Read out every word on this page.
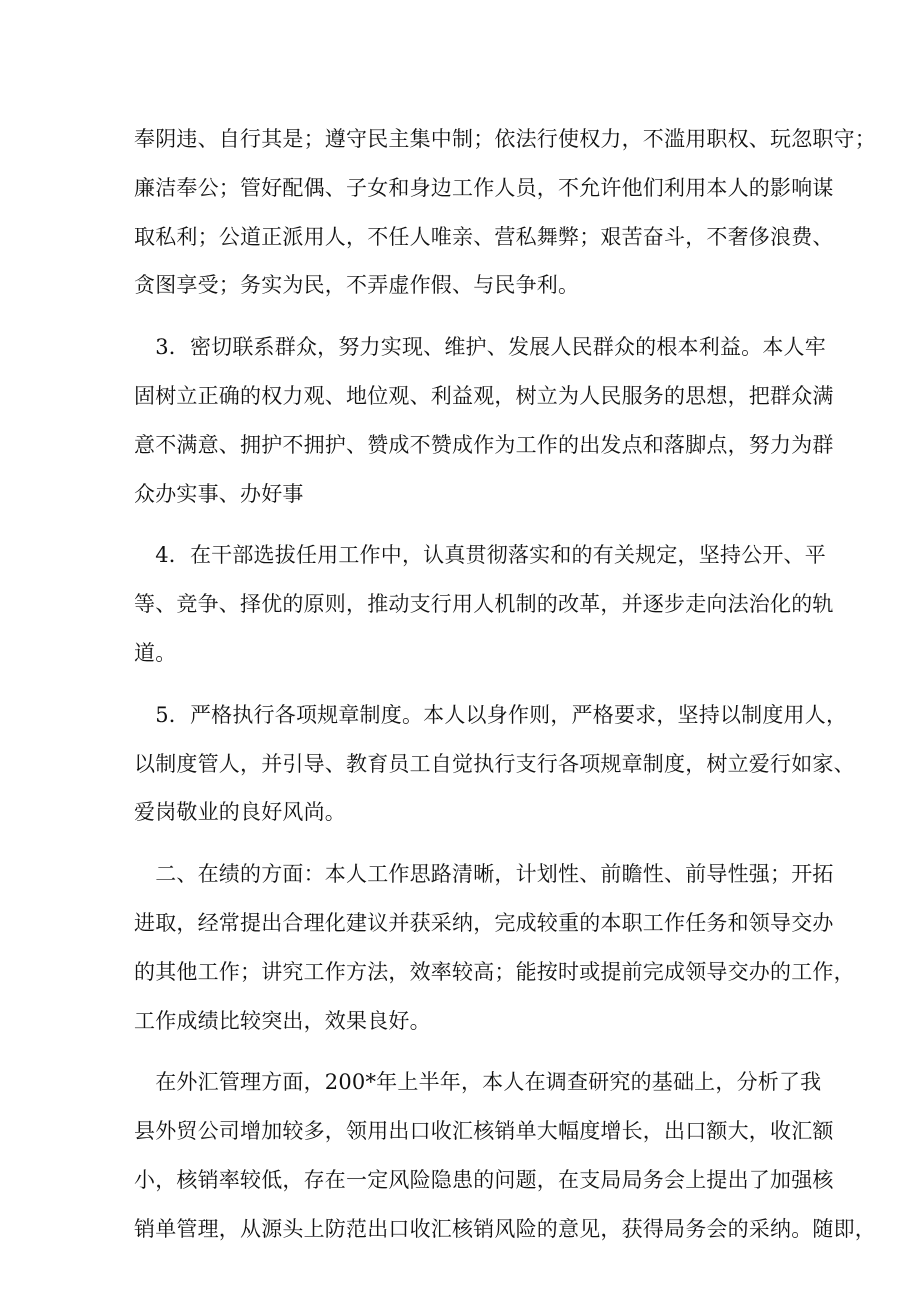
奉阴违、自行其是；遵守民主集中制；依法行使权力，不滥用职权、玩忽职守；
廉洁奉公；管好配偶、子女和身边工作人员，不允许他们利用本人的影响谋
取私利；公道正派用人，不任人唯亲、营私舞弊；艰苦奋斗，不奢侈浪费、
贪图享受；务实为民，不弄虚作假、与民争利。
　3．密切联系群众，努力实现、维护、发展人民群众的根本利益。本人牢
固树立正确的权力观、地位观、利益观，树立为人民服务的思想，把群众满
意不满意、拥护不拥护、赞成不赞成作为工作的出发点和落脚点，努力为群
众办实事、办好事
　4．在干部选拔任用工作中，认真贯彻落实和的有关规定，坚持公开、平
等、竞争、择优的原则，推动支行用人机制的改革，并逐步走向法治化的轨
道。
　5．严格执行各项规章制度。本人以身作则，严格要求，坚持以制度用人，
以制度管人，并引导、教育员工自觉执行支行各项规章制度，树立爱行如家、
爱岗敬业的良好风尚。
　二、在绩的方面：本人工作思路清晰，计划性、前瞻性、前导性强；开拓
进取，经常提出合理化建议并获采纳，完成较重的本职工作任务和领导交办
的其他工作；讲究工作方法，效率较高；能按时或提前完成领导交办的工作，
工作成绩比较突出，效果良好。
　在外汇管理方面，200*年上半年，本人在调查研究的基础上，分析了我
县外贸公司增加较多，领用出口收汇核销单大幅度增长，出口额大，收汇额
小，核销率较低，存在一定风险隐患的问题，在支局局务会上提出了加强核
销单管理，从源头上防范出口收汇核销风险的意见，获得局务会的采纳。随即，
